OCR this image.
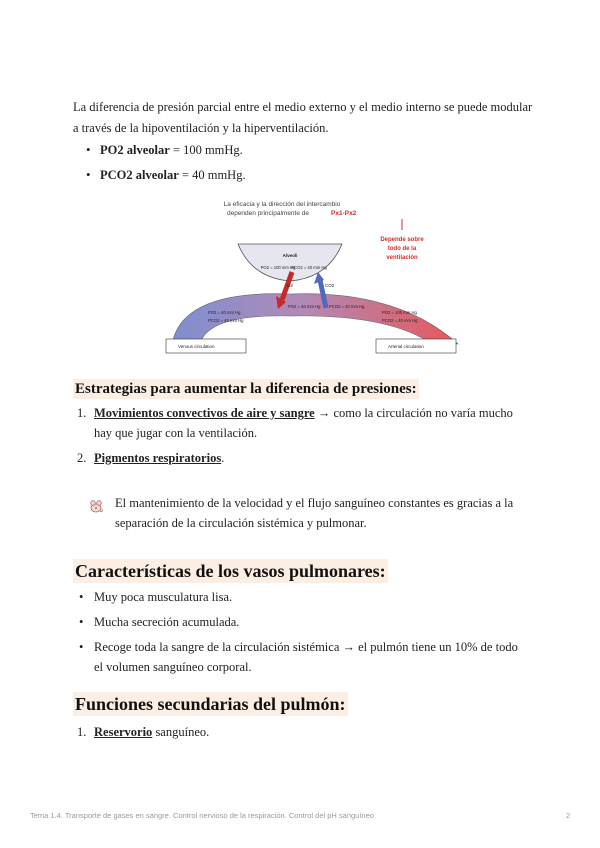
La diferencia de presión parcial entre el medio externo y el medio interno se puede modular a través de la hipoventilación y la hiperventilación.

• PO2 alveolar = 100 mmHg.
• PCO2 alveolar = 40 mmHg.
La eficacia y la dirección del intercambio
dependen principalmente de	Px1-Px2
Depende sobre
todo de la
ventilación
Alveoli
PO2 = 100 mm Hg
PCO2 = 40 mm Hg
O2	CO2
PO2 = 40 mm Hg PCO2 = 40 mm Hg
PO2 = 40 mm Hg
PCO2 = 46 mm Hg
PO2 = 100 mm Hg
PCO2 = 40 mm Hg
Venous circulation	Arterial circulation
Estrategias para aumentar la diferencia de presiones:
1. Movimientos convectivos de aire y sangre → como la circulación no varía mucho hay que jugar con la ventilación.
2. Pigmentos respiratorios.

El mantenimiento de la velocidad y el flujo sanguíneo constantes es gracias a la separación de la circulación sistémica y pulmonar.

Características de los vasos pulmonares:
• Muy poca musculatura lisa.
• Mucha secreción acumulada.
• Recoge toda la sangre de la circulación sistémica → el pulmón tiene un 10% de todo el volumen sanguíneo corporal.
Funciones secundarias del pulmón:
1. Reservorio sanguíneo.
Tema 1.4. Transporte de gases en sangre. Control nervioso de la respiración. Control del pH sanguíneo	2
